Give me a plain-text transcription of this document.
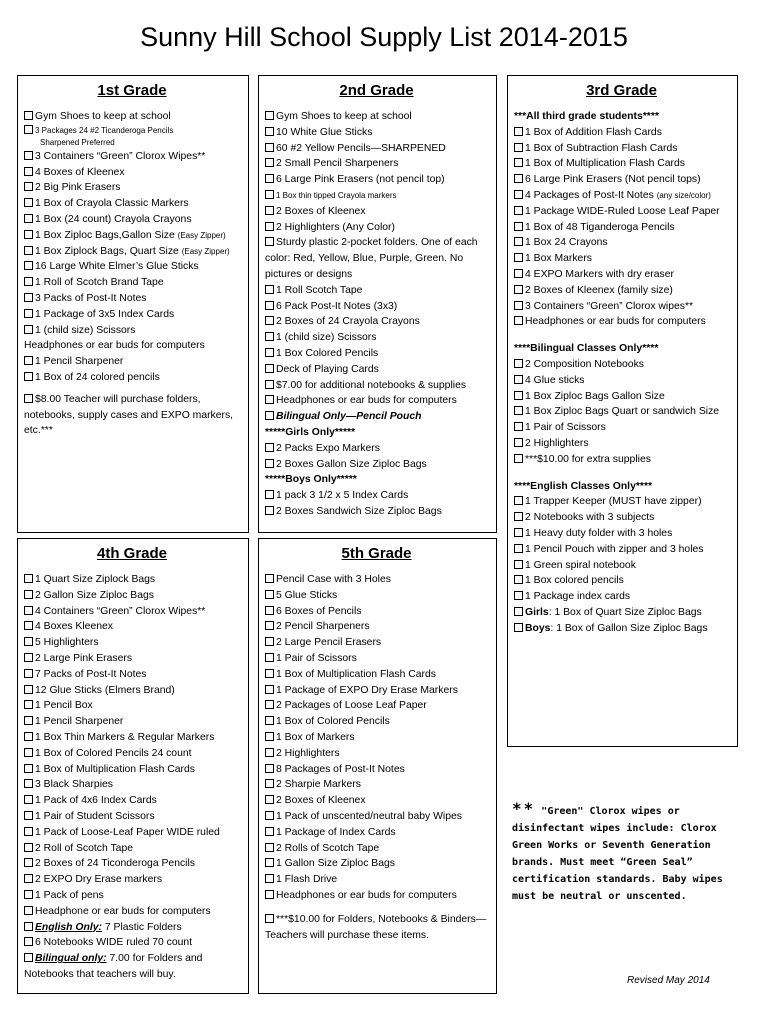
Sunny Hill School Supply List 2014-2015
1st Grade
Gym Shoes to keep at school
3 Packages 24 #2 Ticanderoga Pencils
Sharpened Preferred
3 Containers “Green” Clorox Wipes**
4 Boxes of Kleenex
2 Big Pink Erasers
1 Box of Crayola Classic Markers
1 Box (24 count) Crayola Crayons
1 Box Ziploc Bags,Gallon Size (Easy Zipper)
1 Box Ziplock Bags, Quart Size (Easy Zipper)
16 Large White Elmer’s Glue Sticks
1 Roll of Scotch Brand Tape
3 Packs of Post-It Notes
1 Package of 3x5 Index Cards
1 (child size) Scissors
Headphones or ear buds for computers
1 Pencil Sharpener
1 Box of 24 colored pencils
$8.00 Teacher will purchase folders, notebooks, supply cases and EXPO markers, etc.***
2nd Grade
Gym Shoes to keep at school
10 White Glue Sticks
60 #2 Yellow Pencils—SHARPENED
2 Small Pencil Sharpeners
6 Large Pink Erasers (not pencil top)
1 Box thin tipped Crayola markers
2 Boxes of Kleenex
2 Highlighters (Any Color)
Sturdy plastic 2-pocket folders. One of each color: Red, Yellow, Blue, Purple, Green. No pictures or designs
1 Roll Scotch Tape
6 Pack Post-It Notes (3x3)
2 Boxes of 24 Crayola Crayons
1 (child size) Scissors
1 Box Colored Pencils
Deck of Playing Cards
$7.00 for additional notebooks & supplies
Headphones or ear buds for computers
Bilingual Only—Pencil Pouch
*****Girls Only*****
2 Packs Expo Markers
2 Boxes Gallon Size Ziploc Bags
*****Boys Only*****
1 pack 3 1/2 x 5 Index Cards
2 Boxes Sandwich Size Ziploc Bags
3rd Grade
***All third grade students****
1 Box of Addition Flash Cards
1 Box of Subtraction Flash Cards
1 Box of Multiplication Flash Cards
6 Large Pink Erasers (Not pencil tops)
4 Packages of Post-It Notes (any size/color)
1 Package WIDE-Ruled Loose Leaf Paper
1 Box of 48 Tiganderoga Pencils
1 Box 24 Crayons
1 Box Markers
4 EXPO Markers with dry eraser
2 Boxes of Kleenex (family size)
3 Containers “Green” Clorox wipes**
Headphones or ear buds for computers
****Bilingual Classes Only****
2 Composition Notebooks
4 Glue sticks
1 Box Ziploc Bags Gallon Size
1 Box Ziploc Bags Quart or sandwich Size
1 Pair of Scissors
2 Highlighters
***$10.00 for extra supplies
****English Classes Only****
1 Trapper Keeper (MUST have zipper)
2 Notebooks with 3 subjects
1 Heavy duty folder with 3 holes
1 Pencil Pouch with zipper and 3 holes
1 Green spiral notebook
1 Box colored pencils
1 Package index cards
Girls: 1 Box of Quart Size Ziploc Bags
Boys: 1 Box of Gallon Size Ziploc Bags
4th Grade
1 Quart Size Ziplock Bags
2 Gallon Size Ziploc Bags
4 Containers “Green” Clorox Wipes**
4 Boxes Kleenex
5 Highlighters
2 Large Pink Erasers
7 Packs of Post-It Notes
12 Glue Sticks (Elmers Brand)
1 Pencil Box
1 Pencil Sharpener
1 Box Thin Markers & Regular Markers
1 Box of Colored Pencils 24 count
1 Box of Multiplication Flash Cards
3 Black Sharpies
1 Pack of 4x6 Index Cards
1 Pair of Student Scissors
1 Pack of Loose-Leaf Paper WIDE ruled
2 Roll of Scotch Tape
2 Boxes of 24 Ticonderoga Pencils
2 EXPO Dry Erase markers
1 Pack of pens
Headphone or ear buds for computers
English Only: 7 Plastic Folders
6 Notebooks WIDE ruled 70 count
Bilingual only: 7.00 for Folders and Notebooks that teachers will buy.
5th Grade
Pencil Case with 3 Holes
5 Glue Sticks
6 Boxes of Pencils
2 Pencil Sharpeners
2 Large Pencil Erasers
1 Pair of Scissors
1 Box of Multiplication Flash Cards
1 Package of EXPO Dry Erase Markers
2 Packages of Loose Leaf Paper
1 Box of Colored Pencils
1 Box of Markers
2 Highlighters
8 Packages of Post-It Notes
2 Sharpie Markers
2 Boxes of Kleenex
1 Pack of unscented/neutral baby Wipes
1 Package of Index Cards
2 Rolls of Scotch Tape
1 Gallon Size Ziploc Bags
1 Flash Drive
Headphones or ear buds for computers
***$10.00 for Folders, Notebooks & Binders—Teachers will purchase these items.
** "Green" Clorox wipes or disinfectant wipes include: Clorox Green Works or Seventh Generation brands. Must meet “Green Seal” certification standards. Baby wipes must be neutral or unscented.
Revised May 2014
